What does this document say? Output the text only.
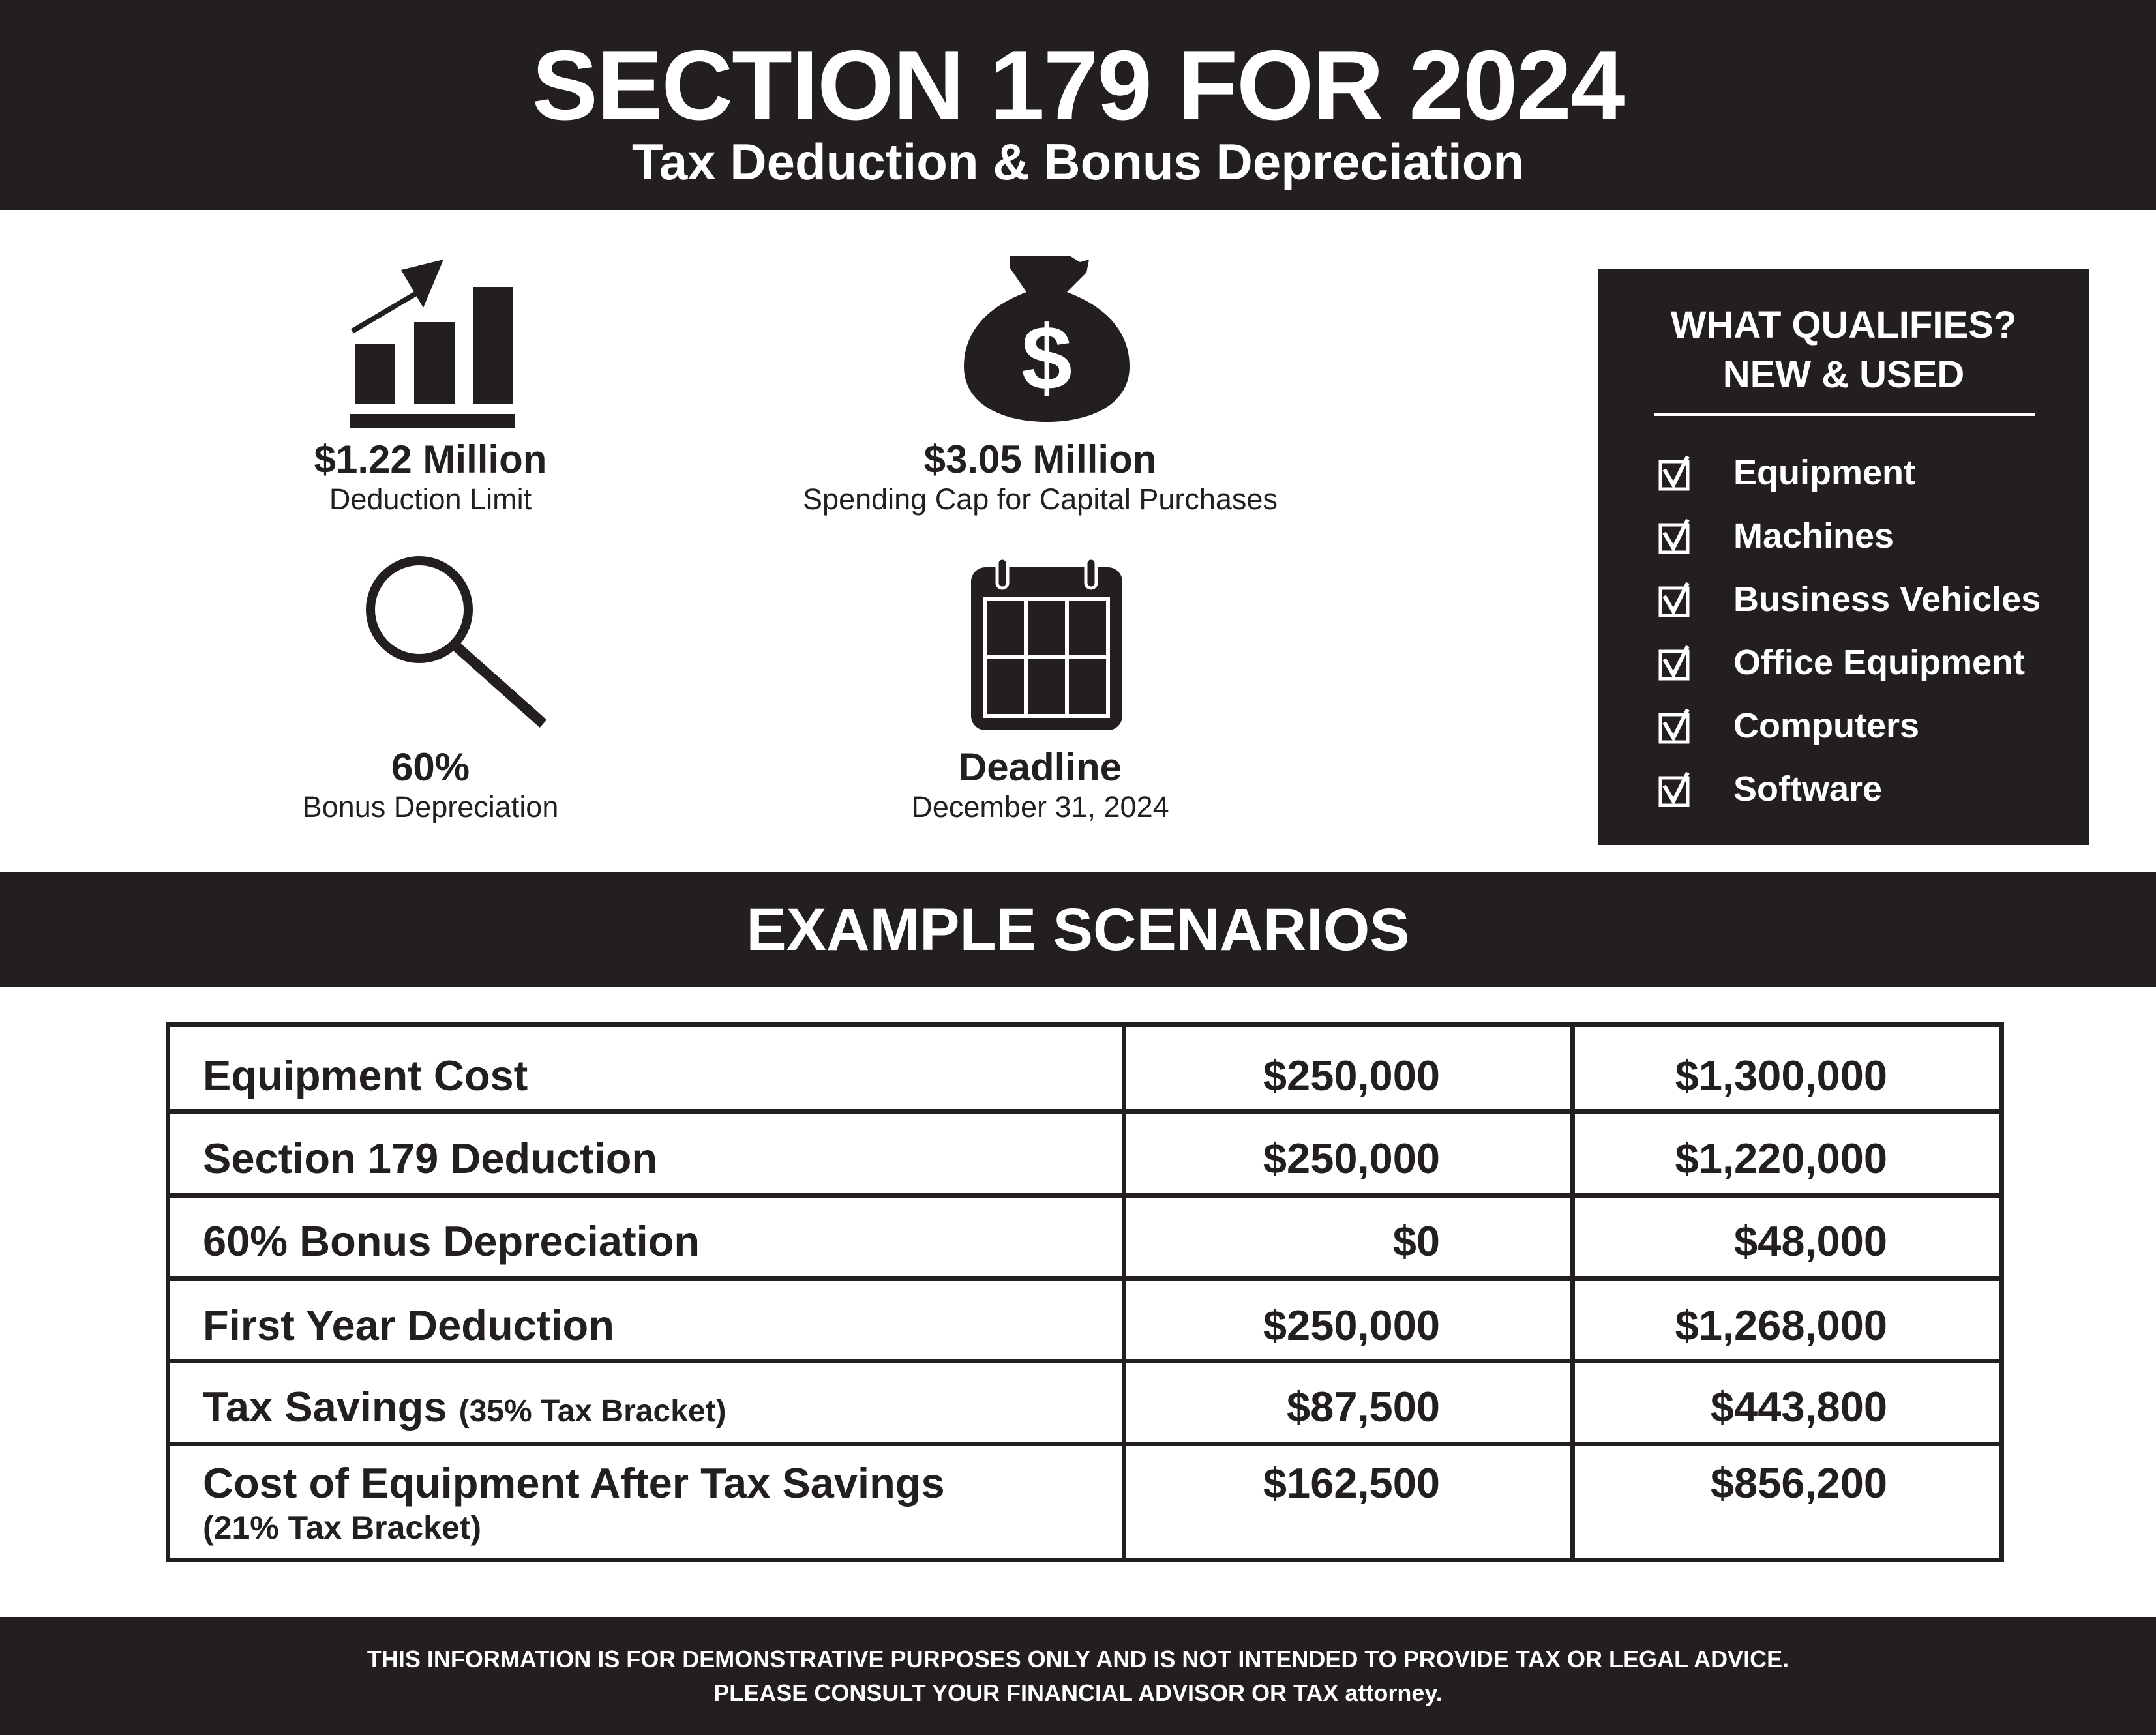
SECTION 179 FOR 2024
Tax Deduction & Bonus Depreciation
$1.22 Million
Deduction Limit
$
$3.05 Million
Spending Cap for Capital Purchases
60%
Bonus Depreciation
Deadline
December 31, 2024
WHAT QUALIFIES?
NEW & USED
Equipment
Machines
Business Vehicles
Office Equipment
Computers
Software
EXAMPLE SCENARIOS
Equipment Cost	$250,000	$1,300,000

Section 179 Deduction	$250,000	$1,220,000

60% Bonus Depreciation	$0	$48,000

First Year Deduction	$250,000	$1,268,000

Tax Savings (35% Tax Bracket)	$87,500	$443,800

Cost of Equipment After Tax Savings
(21% Tax Bracket)	$162,500	$856,200
THIS INFORMATION IS FOR DEMONSTRATIVE PURPOSES ONLY AND IS NOT INTENDED TO PROVIDE TAX OR LEGAL ADVICE.
PLEASE CONSULT YOUR FINANCIAL ADVISOR OR TAX attorney.
